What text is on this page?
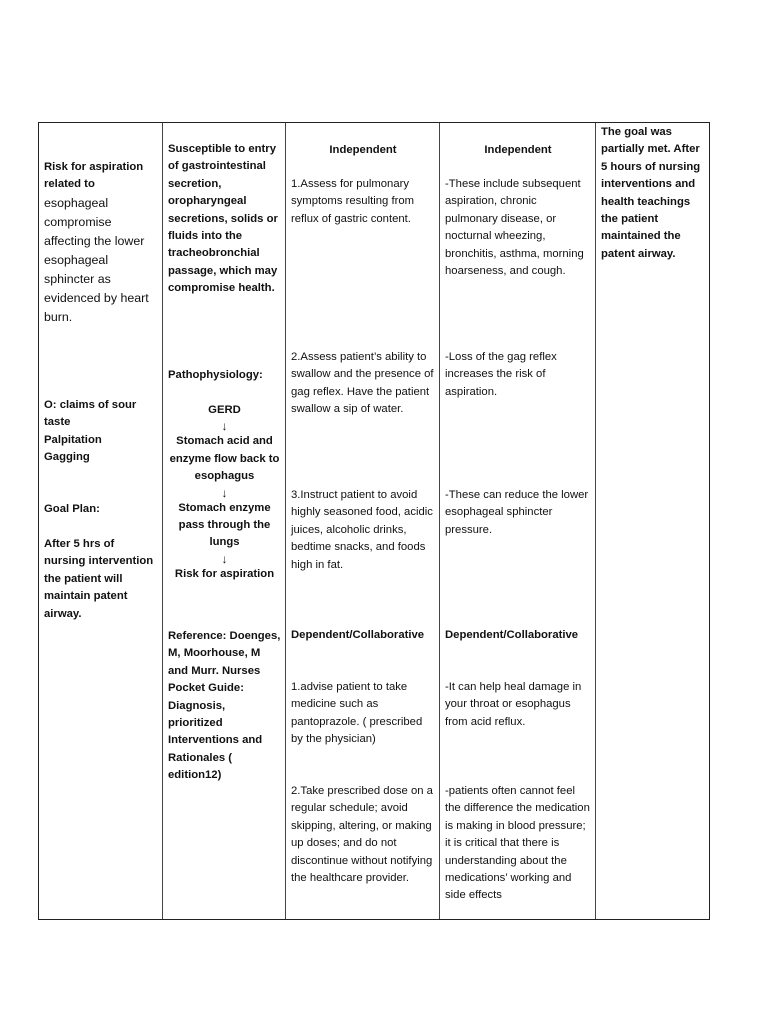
Risk for aspiration related to

esophageal compromise affecting the lower esophageal sphincter as evidenced by heart burn.

O: claims of sour taste

Palpitation

Gagging

Goal Plan:

After 5 hrs of nursing intervention the patient will maintain patent airway.

Susceptible to entry of gastrointestinal secretion, oropharyngeal secretions, solids or fluids into the tracheobronchial passage, which may compromise health.

Pathophysiology:

GERD

↓

Stomach acid and enzyme flow back to esophagus

↓

Stomach enzyme pass through the lungs

↓

Risk for aspiration

Reference: Doenges, M, Moorhouse, M and Murr. Nurses Pocket Guide: Diagnosis, prioritized Interventions and Rationales ( edition12)

Independent

1.Assess for pulmonary symptoms resulting from reflux of gastric content.

2.Assess patient’s ability to swallow and the presence of gag reflex. Have the patient swallow a sip of water.

3.Instruct patient to avoid highly seasoned food, acidic juices, alcoholic drinks, bedtime snacks, and foods high in fat.

Dependent/Collaborative

1.advise patient to take medicine such as pantoprazole. ( prescribed by the physician)

2.Take prescribed dose on a regular schedule; avoid skipping, altering, or making up doses; and do not discontinue without notifying the healthcare provider.

Independent

-These include subsequent aspiration, chronic pulmonary disease, or nocturnal wheezing, bronchitis, asthma, morning hoarseness, and cough.

-Loss of the gag reflex increases the risk of aspiration.

-These can reduce the lower esophageal sphincter pressure.

Dependent/Collaborative

-It can help heal damage in your throat or esophagus from acid reflux.

-patients often cannot feel the difference the medication is making in blood pressure; it is critical that there is understanding about the medications’ working and side effects

The goal was partially met. After 5 hours of nursing interventions and health teachings the patient maintained the patent airway.
